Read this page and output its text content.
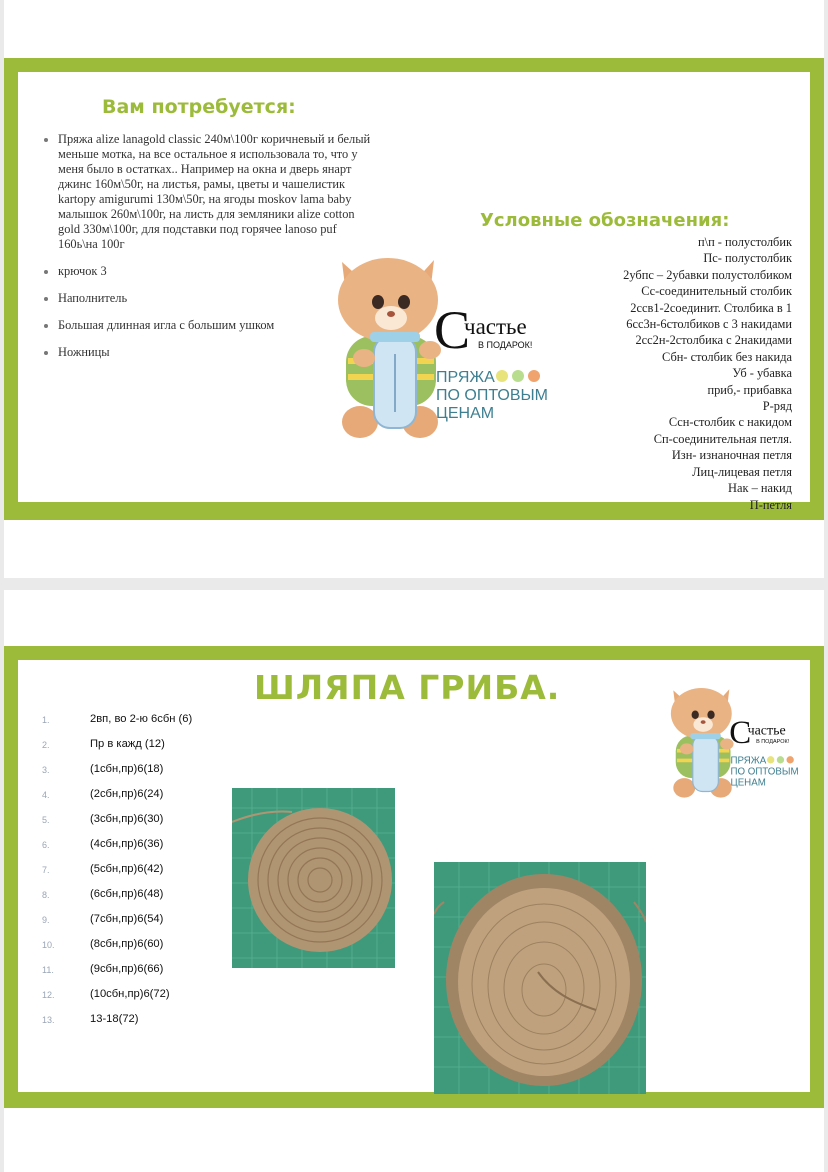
Вам потребуется:
• Пряжа alize lanagold classic 240м\100г коричневый и белый меньше мотка, на все остальное я использовала то, что у меня было в остатках.. Например на окна и дверь янарт джинс 160м\50г, на листья, рамы, цветы и чашелистик kartopy amigurumi 130м\50г, на ягоды moskov lama baby малышок 260м\100г, на листь для земляники alize cotton gold 330м\100г, для подставки под горячее lanoso puf 160ь\на 100г
• крючок 3
• Наполнитель
• Большая длинная игла с большим ушком
• Ножницы
Условные обозначения:
п\п - полустолбик
Пс- полустолбик
2убпс – 2убавки полустолбиком
Сс-соединительный столбик
2ссв1-2соединит. Столбика в 1
6сс3н-6столбиков с 3 накидами
2сс2н-2столбика с 2накидами
Сбн- столбик без накида
Уб - убавка
приб,- прибавка
Р-ряд
Ссн-столбик с накидом
Сп-соединительная петля.
Изн- изнаночная петля
Лиц-лицевая петля
Нак – накид
П-петля
С
частье
В ПОДАРОК!
ПРЯЖА
ПО ОПТОВЫМ
ЦЕНАМ
ШЛЯПА ГРИБА.
1.	2вп, во 2-ю 6сбн (6)
2.	Пр в кажд (12)
3.	(1сбн,пр)6(18)
4.	(2сбн,пр)6(24)
5.	(3сбн,пр)6(30)
6.	(4сбн,пр)6(36)
7.	(5сбн,пр)6(42)
8.	(6сбн,пр)6(48)
9.	(7сбн,пр)6(54)
10.	(8сбн,пр)6(60)
11.	(9сбн,пр)6(66)
12.	(10сбн,пр)6(72)
13.	13-18(72)
С
частье
В ПОДАРОК!
ПРЯЖА
ПО ОПТОВЫМ
ЦЕНАМ
